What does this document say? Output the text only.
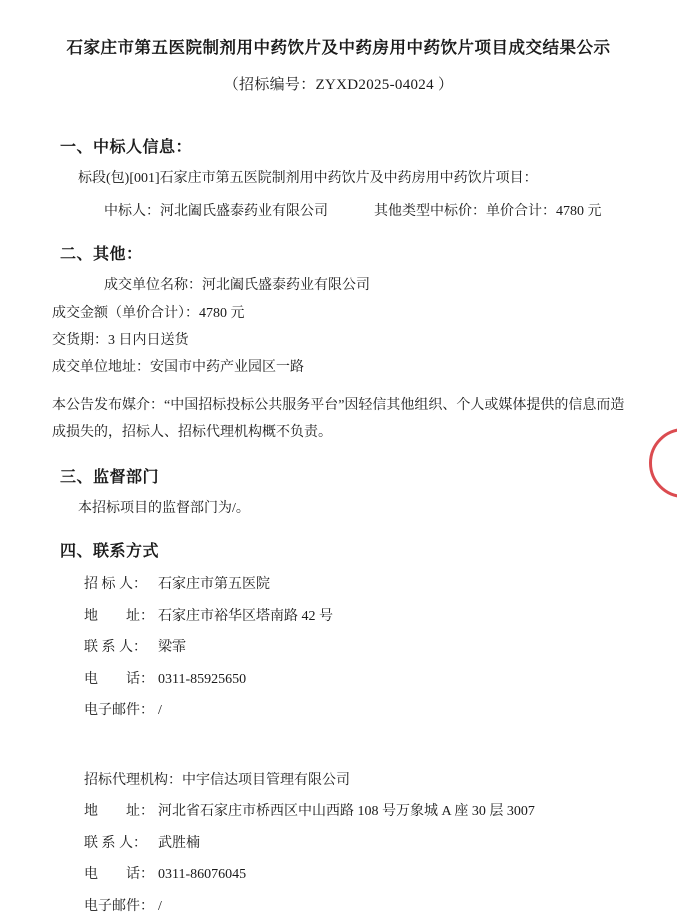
石家庄市第五医院制剂用中药饮片及中药房用中药饮片项目成交结果公示
（招标编号：ZYXD2025-04024 ）
一、中标人信息：
标段(包)[001]石家庄市第五医院制剂用中药饮片及中药房用中药饮片项目：
中标人： 河北阖氏盛泰药业有限公司	其他类型中标价：单价合计： 4780 元
二、其他：
成交单位名称： 河北阖氏盛泰药业有限公司
成交金额（单价合计）：4780 元
交货期：3 日内日送货
成交单位地址：安国市中药产业园区一路
本公告发布媒介：“中国招标投标公共服务平台”因轻信其他组织、个人或媒体提供的信息而造成损失的，招标人、招标代理机构概不负责。
三、监督部门
本招标项目的监督部门为/。
四、联系方式
招 标 人： 石家庄市第五医院
地　　址： 石家庄市裕华区塔南路 42 号
联 系 人： 梁霏
电　　话： 0311-85925650
电子邮件： /
招标代理机构： 中宇信达项目管理有限公司
地　　址： 河北省石家庄市桥西区中山西路 108 号万象城 A 座 30 层 3007
联 系 人： 武胜楠
电　　话： 0311-86076045
电子邮件： /
